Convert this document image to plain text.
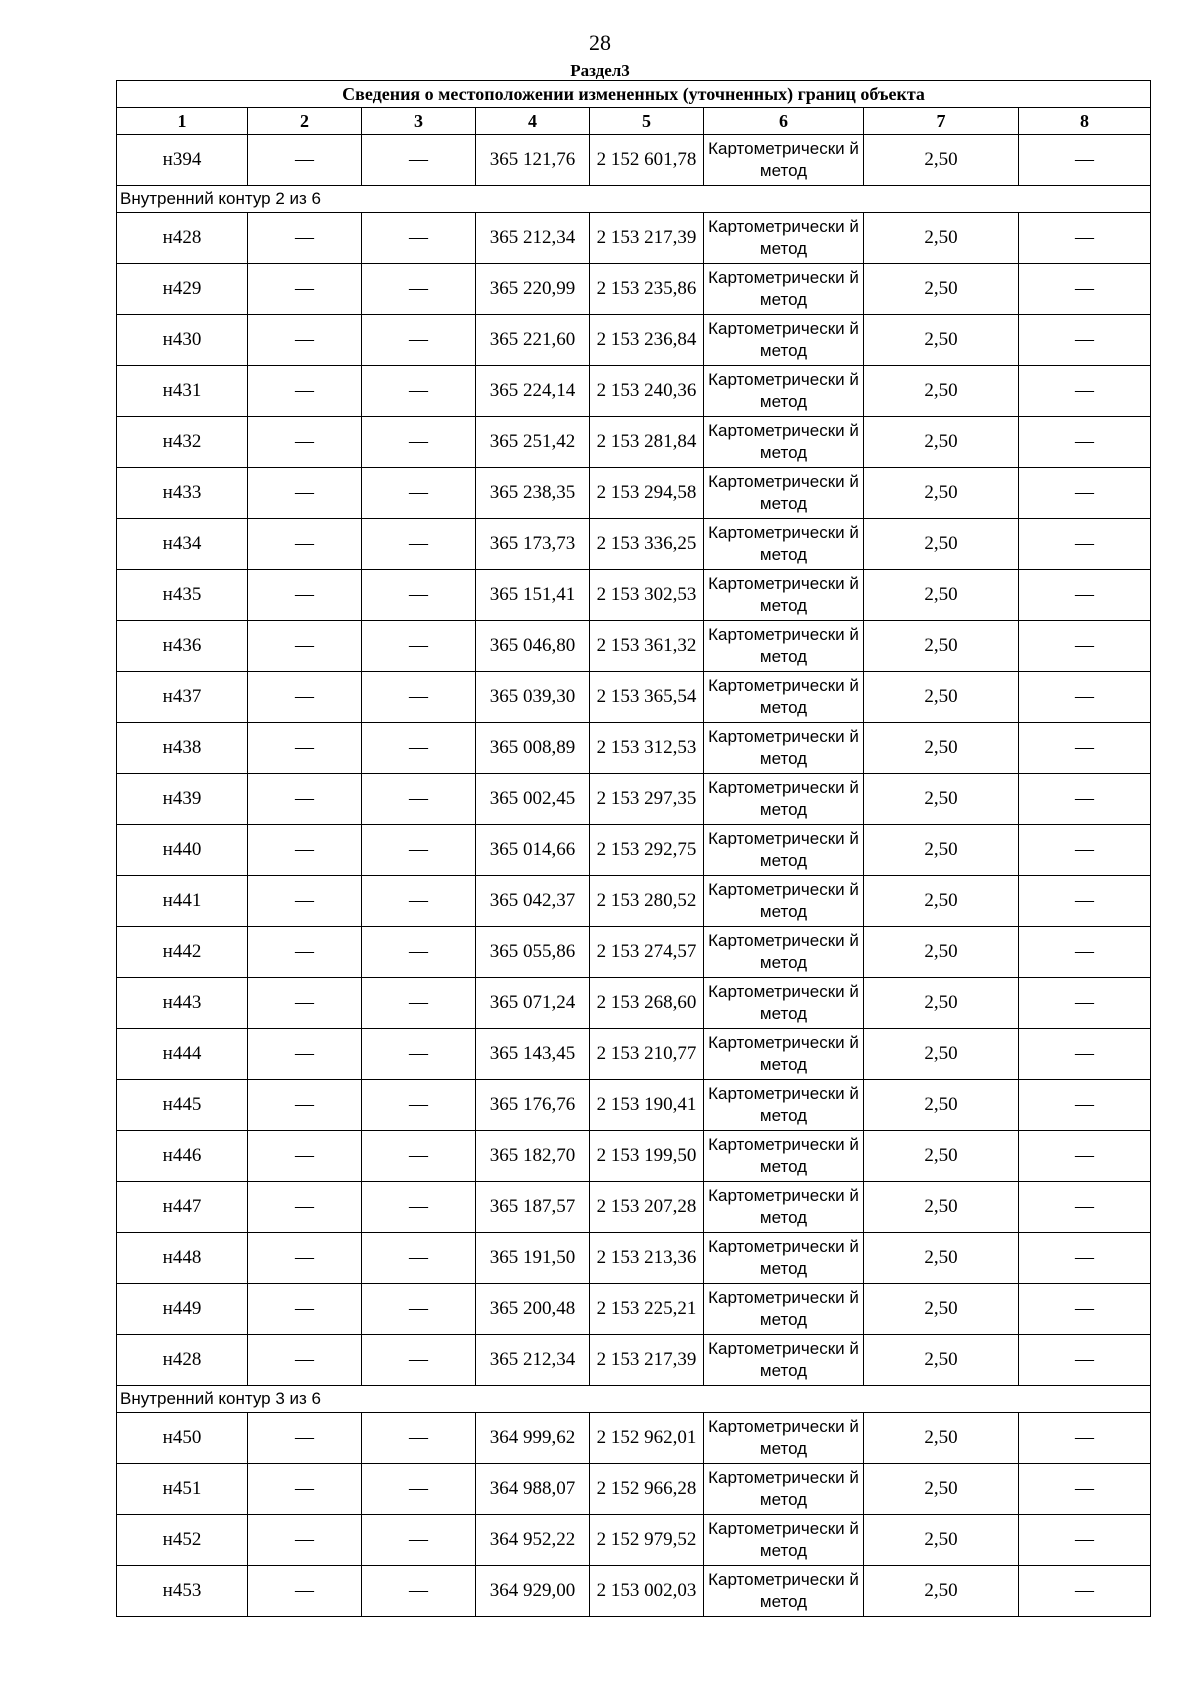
28
Раздел3
Сведения о местоположении измененных (уточненных) границ объекта							
1	2	3	4	5	6	7	8
н394	—	—	365 121,76	2 152 601,78	Картометрически й метод	2,50	—
Внутренний контур 2 из 6							
н428	—	—	365 212,34	2 153 217,39	Картометрически й метод	2,50	—
н429	—	—	365 220,99	2 153 235,86	Картометрически й метод	2,50	—
н430	—	—	365 221,60	2 153 236,84	Картометрически й метод	2,50	—
н431	—	—	365 224,14	2 153 240,36	Картометрически й метод	2,50	—
н432	—	—	365 251,42	2 153 281,84	Картометрически й метод	2,50	—
н433	—	—	365 238,35	2 153 294,58	Картометрически й метод	2,50	—
н434	—	—	365 173,73	2 153 336,25	Картометрически й метод	2,50	—
н435	—	—	365 151,41	2 153 302,53	Картометрически й метод	2,50	—
н436	—	—	365 046,80	2 153 361,32	Картометрически й метод	2,50	—
н437	—	—	365 039,30	2 153 365,54	Картометрически й метод	2,50	—
н438	—	—	365 008,89	2 153 312,53	Картометрически й метод	2,50	—
н439	—	—	365 002,45	2 153 297,35	Картометрически й метод	2,50	—
н440	—	—	365 014,66	2 153 292,75	Картометрически й метод	2,50	—
н441	—	—	365 042,37	2 153 280,52	Картометрически й метод	2,50	—
н442	—	—	365 055,86	2 153 274,57	Картометрически й метод	2,50	—
н443	—	—	365 071,24	2 153 268,60	Картометрически й метод	2,50	—
н444	—	—	365 143,45	2 153 210,77	Картометрически й метод	2,50	—
н445	—	—	365 176,76	2 153 190,41	Картометрически й метод	2,50	—
н446	—	—	365 182,70	2 153 199,50	Картометрически й метод	2,50	—
н447	—	—	365 187,57	2 153 207,28	Картометрически й метод	2,50	—
н448	—	—	365 191,50	2 153 213,36	Картометрически й метод	2,50	—
н449	—	—	365 200,48	2 153 225,21	Картометрически й метод	2,50	—
н428	—	—	365 212,34	2 153 217,39	Картометрически й метод	2,50	—
Внутренний контур 3 из 6							
н450	—	—	364 999,62	2 152 962,01	Картометрически й метод	2,50	—
н451	—	—	364 988,07	2 152 966,28	Картометрически й метод	2,50	—
н452	—	—	364 952,22	2 152 979,52	Картометрически й метод	2,50	—
н453	—	—	364 929,00	2 153 002,03	Картометрически й метод	2,50	—
